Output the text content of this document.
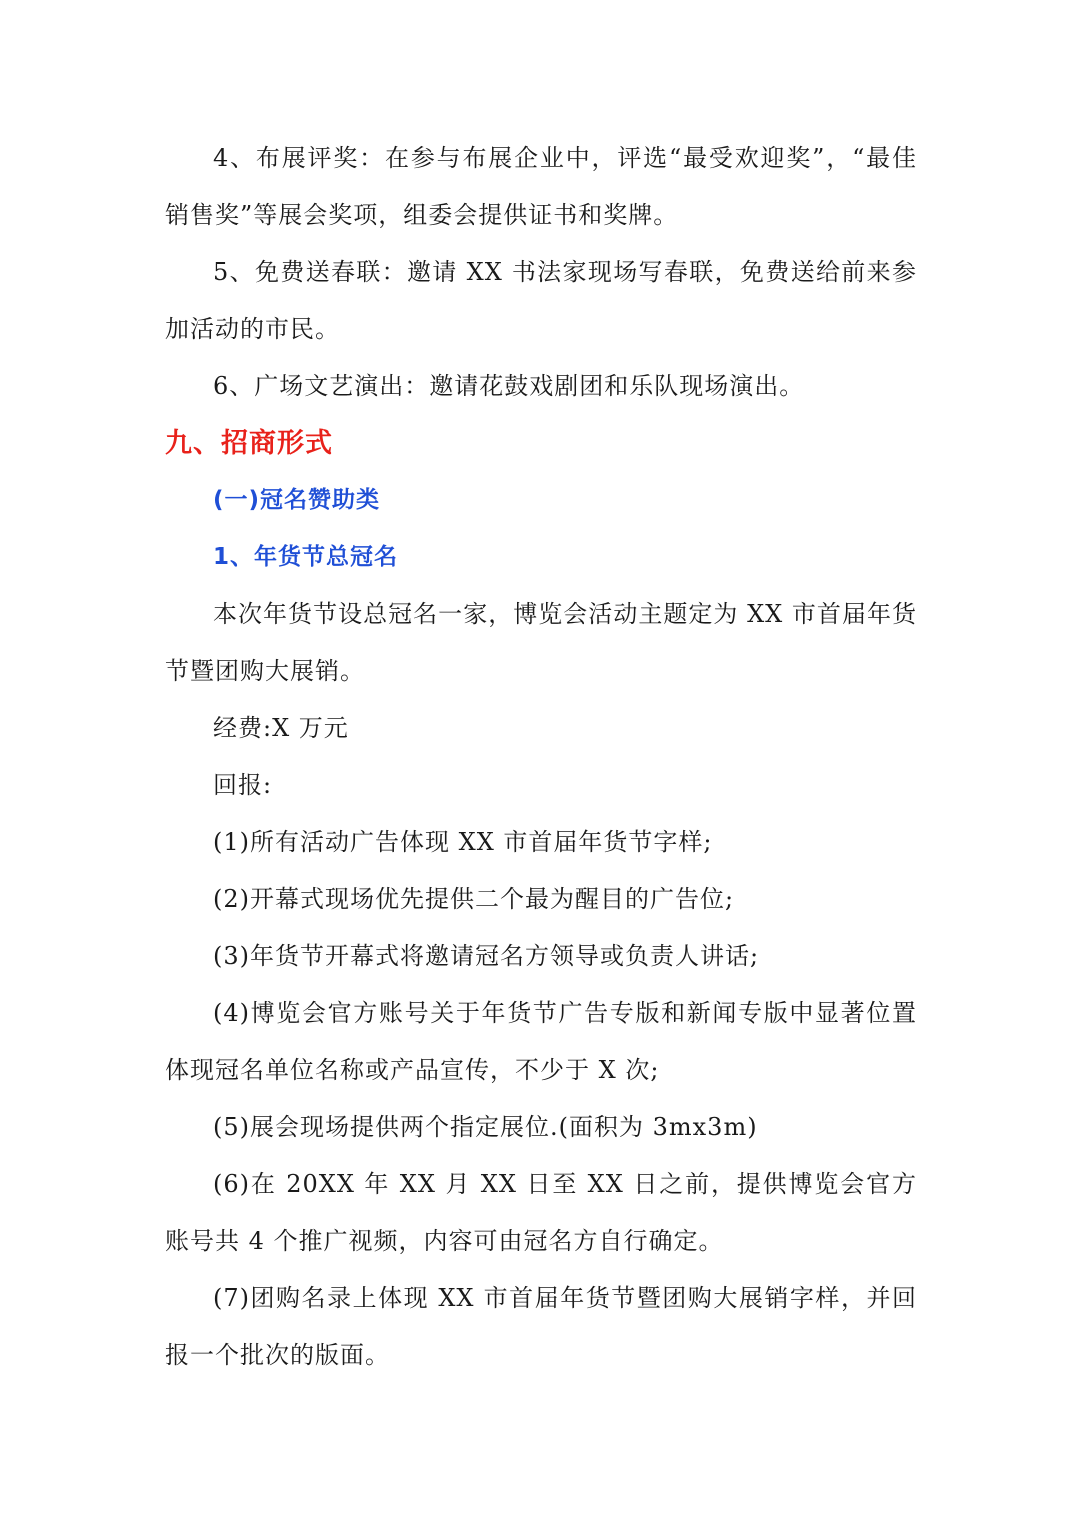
4、布展评奖：在参与布展企业中，评选“最受欢迎奖”，“最佳销售奖”等展会奖项，组委会提供证书和奖牌。

5、免费送春联：邀请 XX 书法家现场写春联，免费送给前来参加活动的市民。

6、广场文艺演出：邀请花鼓戏剧团和乐队现场演出。

九、招商形式
(一)冠名赞助类
1、年货节总冠名

本次年货节设总冠名一家，博览会活动主题定为 XX 市首届年货节暨团购大展销。

经费:X 万元

回报:

(1)所有活动广告体现 XX 市首届年货节字样;

(2)开幕式现场优先提供二个最为醒目的广告位;

(3)年货节开幕式将邀请冠名方领导或负责人讲话;

(4)博览会官方账号关于年货节广告专版和新闻专版中显著位置体现冠名单位名称或产品宣传，不少于 X 次;

(5)展会现场提供两个指定展位.(面积为 3mx3m)

(6)在 20XX 年 XX 月 XX 日至 XX 日之前，提供博览会官方账号共 4 个推广视频，内容可由冠名方自行确定。

(7)团购名录上体现 XX 市首届年货节暨团购大展销字样，并回报一个批次的版面。
